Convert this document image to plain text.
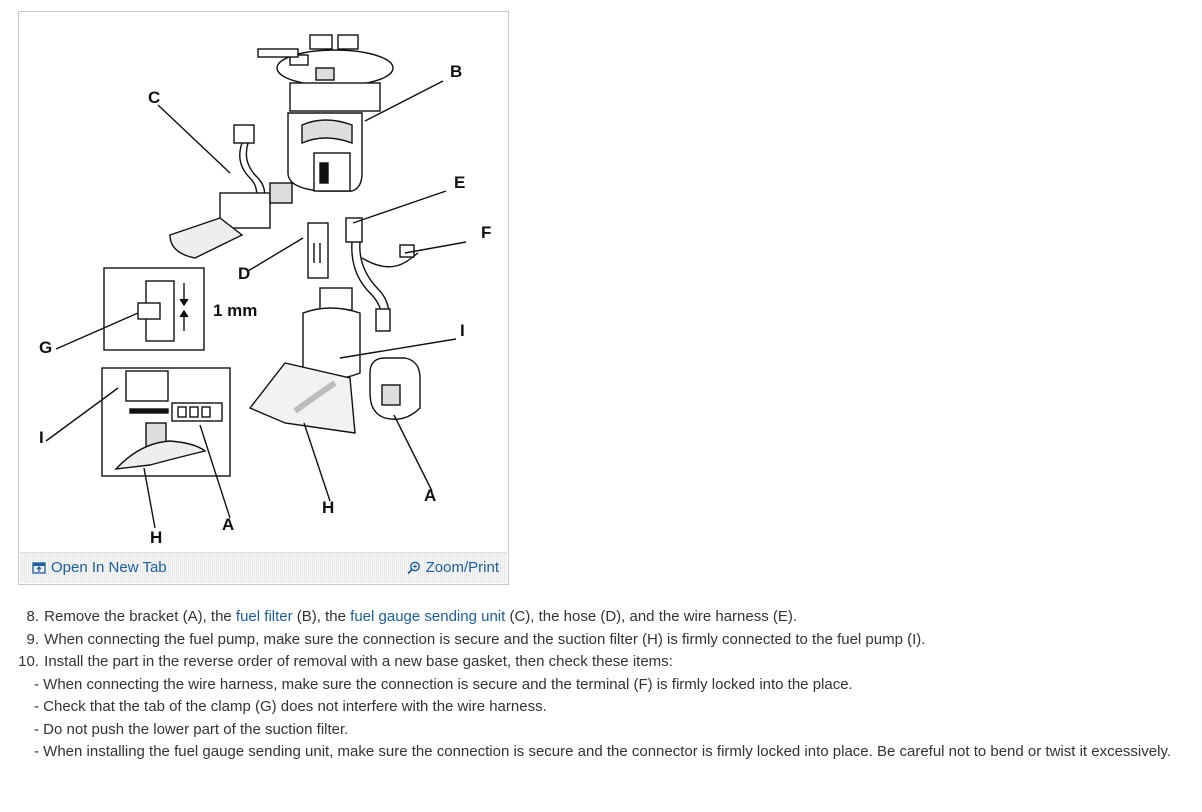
C
B
E
F
D
1 mm
I
G
I
A
H
A
H
Open In New Tab	Zoom/Print
8. Remove the bracket (A), the fuel filter (B), the fuel gauge sending unit (C), the hose (D), and the wire harness (E).
9. When connecting the fuel pump, make sure the connection is secure and the suction filter (H) is firmly connected to the fuel pump (I).
10. Install the part in the reverse order of removal with a new base gasket, then check these items:
- When connecting the wire harness, make sure the connection is secure and the terminal (F) is firmly locked into the place.
- Check that the tab of the clamp (G) does not interfere with the wire harness.
- Do not push the lower part of the suction filter.
- When installing the fuel gauge sending unit, make sure the connection is secure and the connector is firmly locked into place. Be careful not to bend or twist it excessively.
